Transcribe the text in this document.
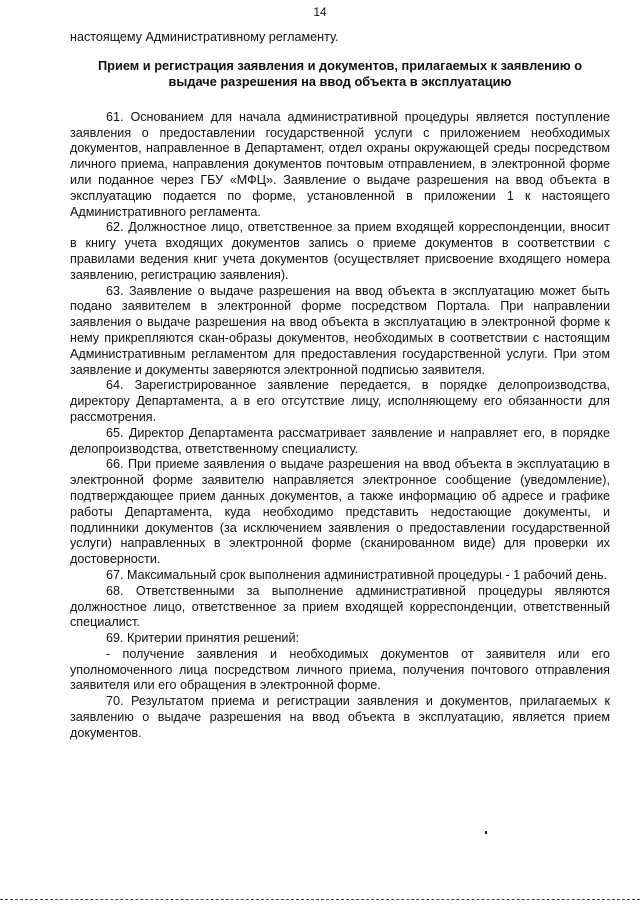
14

настоящему Административному регламенту.

Прием и регистрация заявления и документов, прилагаемых к заявлению о выдаче разрешения на ввод объекта в эксплуатацию

61. Основанием для начала административной процедуры является поступление заявления о предоставлении государственной услуги с приложением необходимых документов, направленное в Департамент, отдел охраны окружающей среды посредством личного приема, направления документов почтовым отправлением, в электронной форме или поданное через ГБУ «МФЦ». Заявление о выдаче разрешения на ввод объекта в эксплуатацию подается по форме, установленной в приложении 1 к настоящего Административного регламента.

62. Должностное лицо, ответственное за прием входящей корреспонденции, вносит в книгу учета входящих документов запись о приеме документов в соответствии с правилами ведения книг учета документов (осуществляет присвоение входящего номера заявлению, регистрацию заявления).

63. Заявление о выдаче разрешения на ввод объекта в эксплуатацию может быть подано заявителем в электронной форме посредством Портала. При направлении заявления о выдаче разрешения на ввод объекта в эксплуатацию в электронной форме к нему прикрепляются скан-образы документов, необходимых в соответствии с настоящим Административным регламентом для предоставления государственной услуги. При этом заявление и документы заверяются электронной подписью заявителя.

64. Зарегистрированное заявление передается, в порядке делопроизводства, директору Департамента, а в его отсутствие лицу, исполняющему его обязанности для рассмотрения.

65. Директор Департамента рассматривает заявление и направляет его, в порядке делопроизводства, ответственному специалисту.

66. При приеме заявления о выдаче разрешения на ввод объекта в эксплуатацию в электронной форме заявителю направляется электронное сообщение (уведомление), подтверждающее прием данных документов, а также информацию об адресе и графике работы Департамента, куда необходимо представить недостающие документы, и подлинники документов (за исключением заявления о предоставлении государственной услуги) направленных в электронной форме (сканированном виде) для проверки их достоверности.

67. Максимальный срок выполнения административной процедуры - 1 рабочий день.

68. Ответственными за выполнение административной процедуры являются должностное лицо, ответственное за прием входящей корреспонденции, ответственный специалист.

69. Критерии принятия решений:

- получение заявления и необходимых документов от заявителя или его уполномоченного лица посредством личного приема, получения почтового отправления заявителя или его обращения в электронной форме.

70. Результатом приема и регистрации заявления и документов, прилагаемых к заявлению о выдаче разрешения на ввод объекта в эксплуатацию, является прием документов.
